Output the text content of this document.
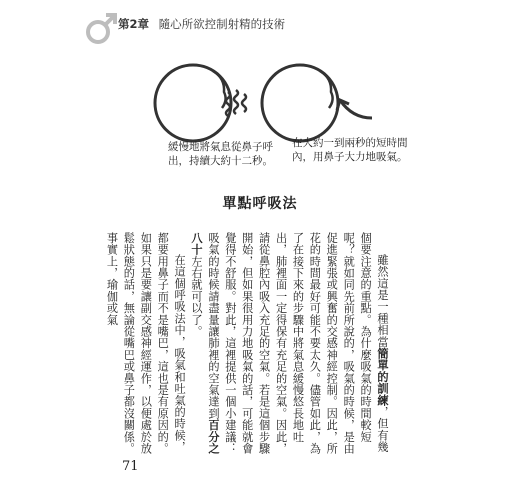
第2章 隨心所欲控制射精的技術
緩慢地將氣息從鼻子呼出，持續大約十二秒。
在大約一到兩秒的短時間內，用鼻子大力地吸氣。
單點呼吸法

雖然這是一種相當簡單的訓練，但有幾個要注意的重點。為什麼吸氣的時間較短呢？就如同先前所說的，吸氣的時候，是由促進緊張或興奮的交感神經控制。因此，所花的時間最好可能不要太久。儘管如此，為了在接下來的步驟中將氣息緩慢悠長地吐出，肺裡面一定得保有充足的空氣。因此，請從鼻腔內吸入充足的空氣。若是這個步驟開始，但如果很用力地吸氣的話，可能就會覺得不舒服。對此，這裡提供一個小建議：吸氣的時候請盡量讓肺裡的空氣達到百分之八十左右就可以了。

在這個呼吸法中，吸氣和吐氣的時候，都要用鼻子而不是嘴巴，這也是有原因的。如果只是要讓副交感神經運作，以便處於放鬆狀態的話，無論從嘴巴或鼻子都沒關係。事實上，瑜伽或氣

71
